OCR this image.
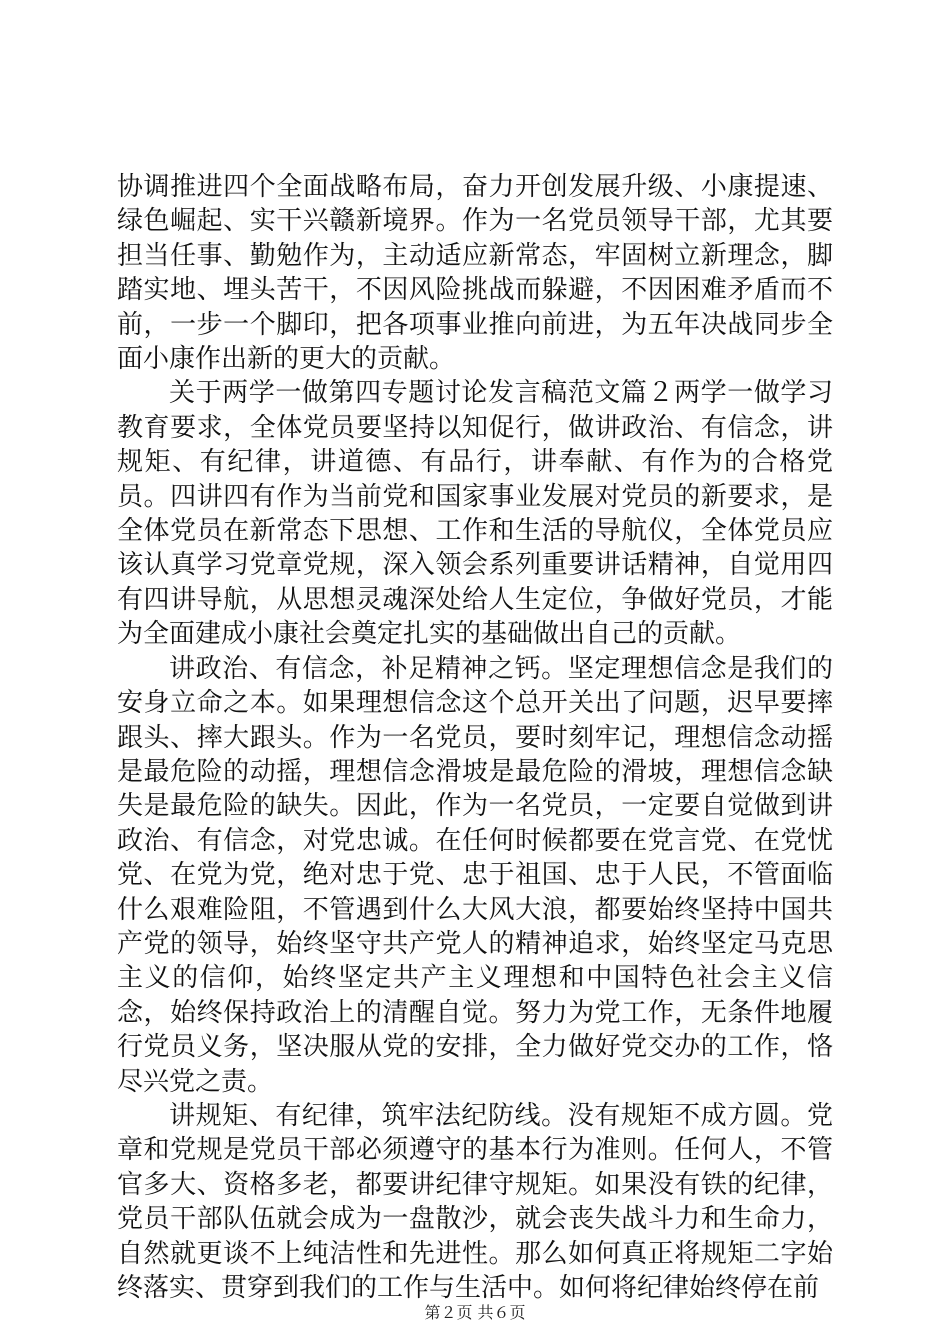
协调推进四个全面战略布局，奋力开创发展升级、小康提速、绿色崛起、实干兴赣新境界。作为一名党员领导干部，尤其要担当任事、勤勉作为，主动适应新常态，牢固树立新理念，脚踏实地、埋头苦干，不因风险挑战而躲避，不因困难矛盾而不前，一步一个脚印，把各项事业推向前进，为五年决战同步全面小康作出新的更大的贡献。

关于两学一做第四专题讨论发言稿范文篇２两学一做学习教育要求，全体党员要坚持以知促行，做讲政治、有信念，讲规矩、有纪律，讲道德、有品行，讲奉献、有作为的合格党员。四讲四有作为当前党和国家事业发展对党员的新要求，是全体党员在新常态下思想、工作和生活的导航仪，全体党员应该认真学习党章党规，深入领会系列重要讲话精神，自觉用四有四讲导航，从思想灵魂深处给人生定位，争做好党员，才能为全面建成小康社会奠定扎实的基础做出自己的贡献。

讲政治、有信念，补足精神之钙。坚定理想信念是我们的安身立命之本。如果理想信念这个总开关出了问题，迟早要摔跟头、摔大跟头。作为一名党员，要时刻牢记，理想信念动摇是最危险的动摇，理想信念滑坡是最危险的滑坡，理想信念缺失是最危险的缺失。因此，作为一名党员，一定要自觉做到讲政治、有信念，对党忠诚。在任何时候都要在党言党、在党忧党、在党为党，绝对忠于党、忠于祖国、忠于人民，不管面临什么艰难险阻，不管遇到什么大风大浪，都要始终坚持中国共产党的领导，始终坚守共产党人的精神追求，始终坚定马克思主义的信仰，始终坚定共产主义理想和中国特色社会主义信念，始终保持政治上的清醒自觉。努力为党工作，无条件地履行党员义务，坚决服从党的安排，全力做好党交办的工作，恪尽兴党之责。

讲规矩、有纪律，筑牢法纪防线。没有规矩不成方圆。党章和党规是党员干部必须遵守的基本行为准则。任何人，不管官多大、资格多老，都要讲纪律守规矩。如果没有铁的纪律，党员干部队伍就会成为一盘散沙，就会丧失战斗力和生命力，自然就更谈不上纯洁性和先进性。那么如何真正将规矩二字始终落实、贯穿到我们的工作与生活中。如何将纪律始终停在前

第２页 共６页
